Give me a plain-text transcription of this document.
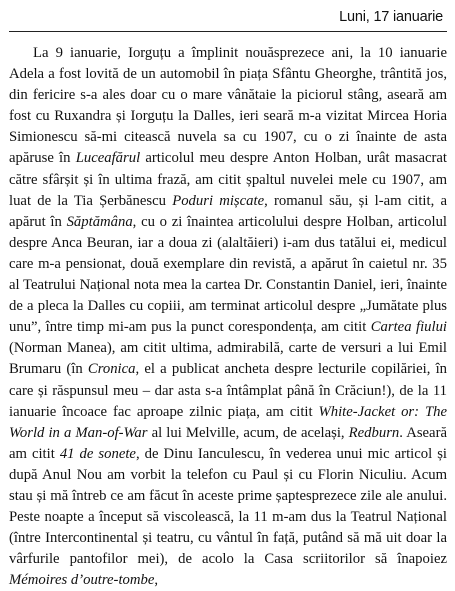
Luni, 17 ianuarie

La 9 ianuarie, Iorguțu a împlinit nouăsprezece ani, la 10 ianuarie Adela a fost lovită de un automobil în piața Sfântu Gheorghe, trântită jos, din fericire s-a ales doar cu o mare vânătaie la piciorul stâng, aseară am fost cu Ruxandra și Iorguțu la Dalles, ieri seară m-a vizitat Mircea Horia Simionescu să-mi citească nuvela sa cu 1907, cu o zi înainte de asta apăruse în Luceafărul articolul meu despre Anton Holban, urât masacrat către sfârșit și în ultima frază, am citit șpaltul nuvelei mele cu 1907, am luat de la Tia Șerbănescu Poduri mișcate, romanul său, și l-am citit, a apărut în Săptămâna, cu o zi înaintea articolului despre Holban, articolul despre Anca Beuran, iar a doua zi (alaltăieri) i-am dus tatălui ei, medicul care m-a pensionat, două exemplare din revistă, a apărut în caietul nr. 35 al Teatrului Național nota mea la cartea Dr. Constantin Daniel, ieri, înainte de a pleca la Dalles cu copiii, am terminat articolul despre „Jumătate plus unu”, între timp mi-am pus la punct corespondența, am citit Cartea fiului (Norman Manea), am citit ultima, admirabilă, carte de versuri a lui Emil Brumaru (în Cronica, el a publicat ancheta despre lecturile copilăriei, în care și răspunsul meu – dar asta s-a întâmplat până în Crăciun!), de la 11 ianuarie încoace fac aproape zilnic piața, am citit White-Jacket or: The World in a Man-of-War al lui Melville, acum, de același, Redburn. Aseară am citit 41 de sonete, de Dinu Ianculescu, în vederea unui mic articol și după Anul Nou am vorbit la telefon cu Paul și cu Florin Niculiu. Acum stau și mă întreb ce am făcut în aceste prime șaptesprezece zile ale anului. Peste noapte a început să viscolească, la 11 m-am dus la Teatrul Național (între Intercontinental și teatru, cu vântul în față, putând să mă uit doar la vârfurile pantofilor mei), de acolo la Casa scriitorilor să înapoiez Mémoires d’outre-tombe,
